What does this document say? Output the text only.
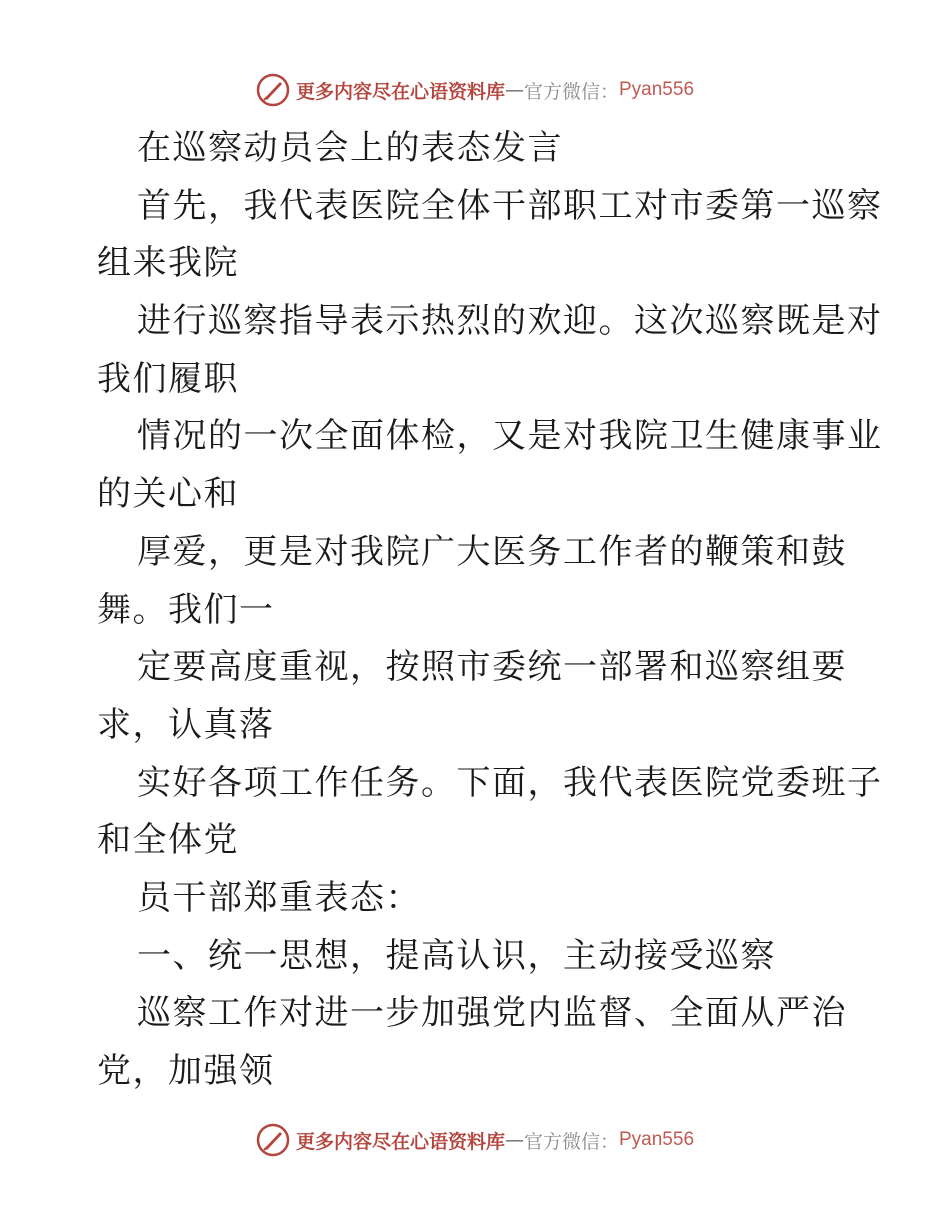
更多内容尽在心语资料库 — 官方微信： Pyan556
在巡察动员会上的表态发言
首先，我代表医院全体干部职工对市委第一巡察
组来我院
进行巡察指导表示热烈的欢迎。这次巡察既是对
我们履职
情况的一次全面体检，又是对我院卫生健康事业
的关心和
厚爱，更是对我院广大医务工作者的鞭策和鼓
舞。我们一
定要高度重视，按照市委统一部署和巡察组要
求，认真落
实好各项工作任务。下面，我代表医院党委班子
和全体党
员干部郑重表态：
一、统一思想，提高认识，主动接受巡察
巡察工作对进一步加强党内监督、全面从严治
党，加强领
更多内容尽在心语资料库 — 官方微信： Pyan556
